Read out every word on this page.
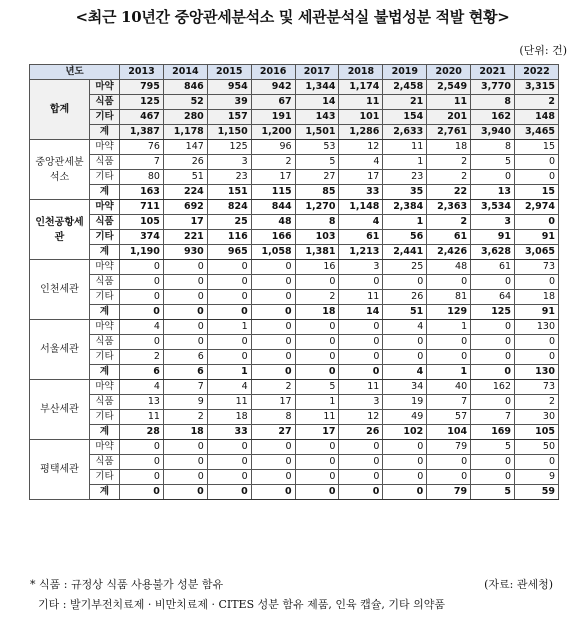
<최근 10년간 중앙관세분석소 및 세관분석실 불법성분 적발 현황>
(단위: 건)
년도		2013	2014	2015	2016	2017	2018	2019	2020	2021	2022
합계	마약	795	846	954	942	1,344	1,174	2,458	2,549	3,770	3,315
	식품	125	52	39	67	14	11	21	11	8	2
	기타	467	280	157	191	143	101	154	201	162	148
	계	1,387	1,178	1,150	1,200	1,501	1,286	2,633	2,761	3,940	3,465
중앙관세분석소	마약	76	147	125	96	53	12	11	18	8	15
	식품	7	26	3	2	5	4	1	2	5	0
	기타	80	51	23	17	27	17	23	2	0	0
	계	163	224	151	115	85	33	35	22	13	15
인천공항세관	마약	711	692	824	844	1,270	1,148	2,384	2,363	3,534	2,974
	식품	105	17	25	48	8	4	1	2	3	0
	기타	374	221	116	166	103	61	56	61	91	91
	계	1,190	930	965	1,058	1,381	1,213	2,441	2,426	3,628	3,065
인천세관	마약	0	0	0	0	16	3	25	48	61	73
	식품	0	0	0	0	0	0	0	0	0	0
	기타	0	0	0	0	2	11	26	81	64	18
	계	0	0	0	0	18	14	51	129	125	91
서울세관	마약	4	0	1	0	0	0	4	1	0	130
	식품	0	0	0	0	0	0	0	0	0	0
	기타	2	6	0	0	0	0	0	0	0	0
	계	6	6	1	0	0	0	4	1	0	130
부산세관	마약	4	7	4	2	5	11	34	40	162	73
	식품	13	9	11	17	1	3	19	7	0	2
	기타	11	2	18	8	11	12	49	57	7	30
	계	28	18	33	27	17	26	102	104	169	105
평택세관	마약	0	0	0	0	0	0	0	79	5	50
	식품	0	0	0	0	0	0	0	0	0	0
	기타	0	0	0	0	0	0	0	0	0	9
	계	0	0	0	0	0	0	0	79	5	59
* 식품 : 규정상 식품 사용불가 성분 함유	(자료: 관세청)
기타 : 발기부전치료제 · 비만치료제 · CITES 성분 함유 제품, 인육 캡슐, 기타 의약품
